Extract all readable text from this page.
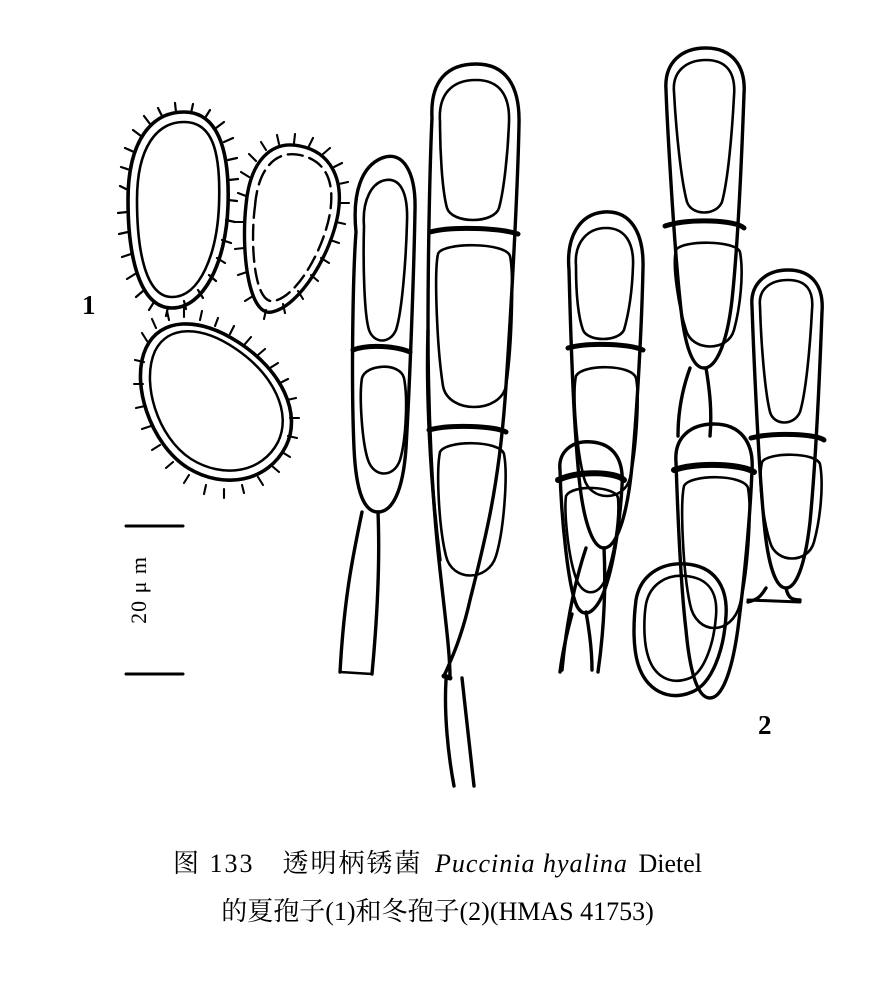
1
2
20 μ m
图 133　透明柄锈菌 Puccinia hyalina Dietel
的夏孢子(1)和冬孢子(2)(HMAS 41753)
